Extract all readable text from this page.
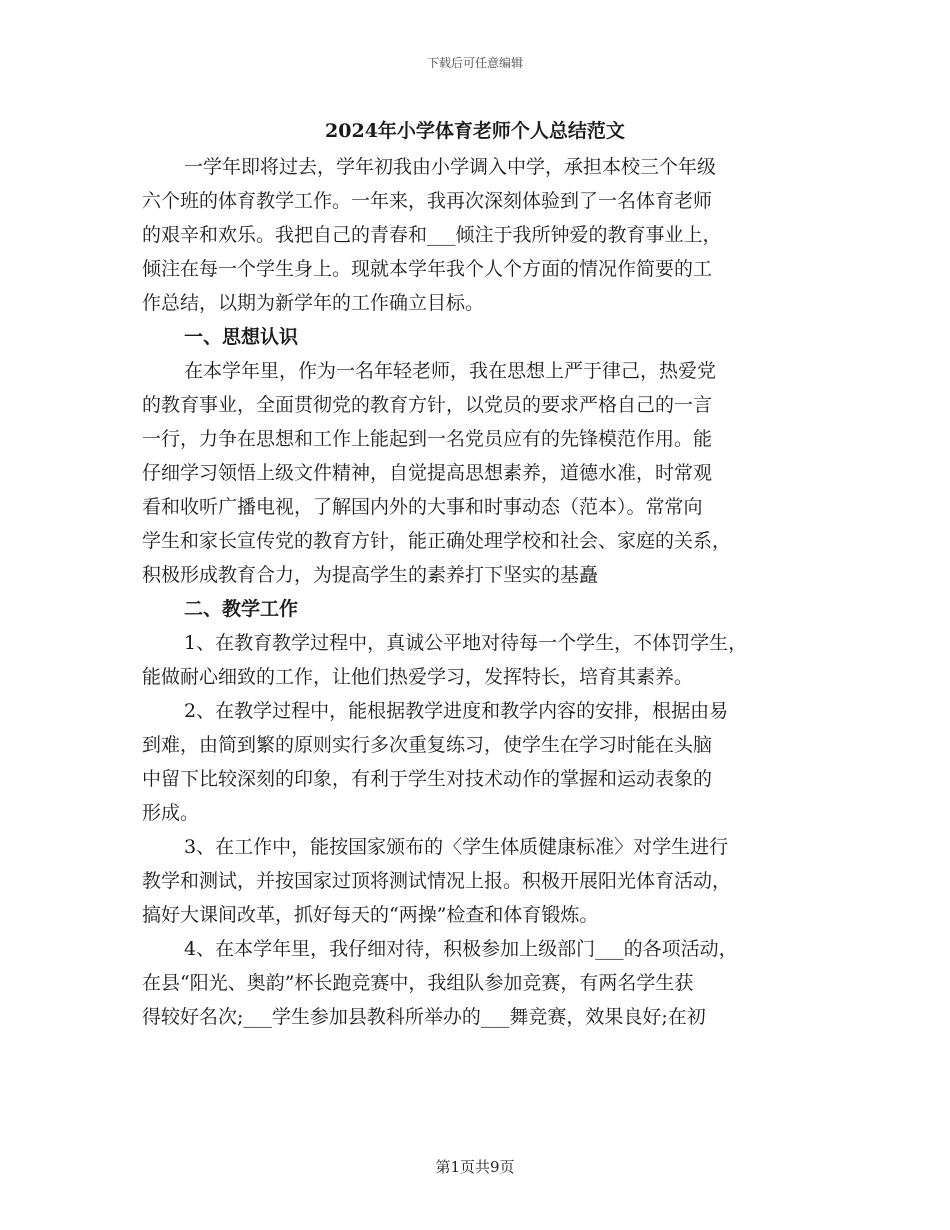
下载后可任意编辑
2024年小学体育老师个人总结范文
一学年即将过去，学年初我由小学调入中学，承担本校三个年级
六个班的体育教学工作。一年来，我再次深刻体验到了一名体育老师
的艰辛和欢乐。我把自己的青春和___倾注于我所钟爱的教育事业上，
倾注在每一个学生身上。现就本学年我个人个方面的情况作简要的工
作总结，以期为新学年的工作确立目标。
一、思想认识
在本学年里，作为一名年轻老师，我在思想上严于律己，热爱党
的教育事业，全面贯彻党的教育方针，以党员的要求严格自己的一言
一行，力争在思想和工作上能起到一名党员应有的先锋模范作用。能
仔细学习领悟上级文件精神，自觉提高思想素养，道德水准，时常观
看和收听广播电视，了解国内外的大事和时事动态（范本）。常常向
学生和家长宣传党的教育方针，能正确处理学校和社会、家庭的关系，
积极形成教育合力，为提高学生的素养打下坚实的基矗
二、教学工作
1、在教育教学过程中，真诚公平地对待每一个学生，不体罚学生，
能做耐心细致的工作，让他们热爱学习，发挥特长，培育其素养。
2、在教学过程中，能根据教学进度和教学内容的安排，根据由易
到难，由简到繁的原则实行多次重复练习，使学生在学习时能在头脑
中留下比较深刻的印象，有利于学生对技术动作的掌握和运动表象的
形成。
3、在工作中，能按国家颁布的〈学生体质健康标准〉对学生进行
教学和测试，并按国家过顶将测试情况上报。积极开展阳光体育活动，
搞好大课间改革，抓好每天的“两操”检查和体育锻炼。
4、在本学年里，我仔细对待，积极参加上级部门___的各项活动，
在县“阳光、奥韵”杯长跑竞赛中，我组队参加竞赛，有两名学生获
得较好名次;___学生参加县教科所举办的___舞竞赛，效果良好;在初
第1页共9页
